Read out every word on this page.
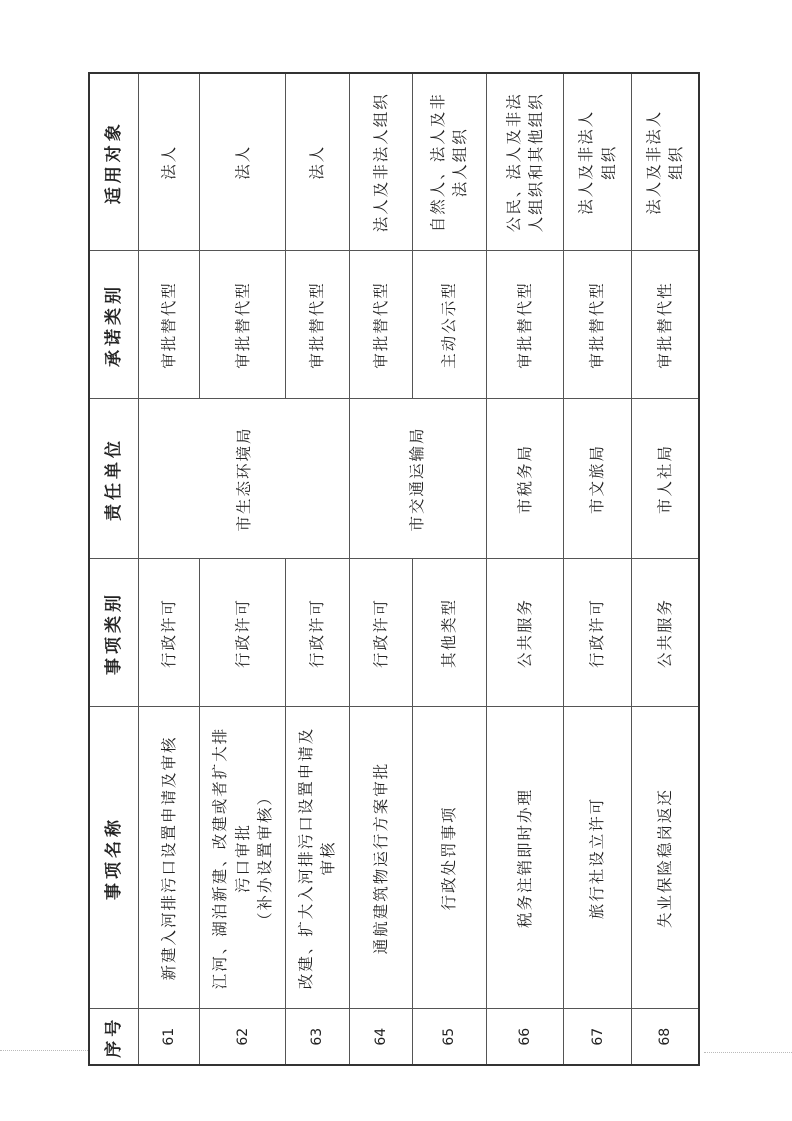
序号	事项名称	事项类别	责任单位	承诺类别	适用对象
61	新建入河排污口设置申请及审核	行政许可	市生态环境局	审批替代型	法人

62	江河、湖泊新建、改建或者扩大排 污口审批 （补办设置审核）	行政许可		审批替代型	法人

63	改建、扩大入河排污口设置申请及 审核	行政许可		审批替代型	法人

64	通航建筑物运行方案审批	行政许可	市交通运输局	审批替代型	法人及非法人组织

65	行政处罚事项	其他类型		主动公示型	自然人、法人及非 法人组织

66	税务注销即时办理	公共服务	市税务局	审批替代型	公民、法人及非法 人组织和其他组织

67	旅行社设立许可	行政许可	市文旅局	审批替代型	法人及非法人 组织

68	失业保险稳岗返还	公共服务	市人社局	审批替代性	法人及非法人 组织
